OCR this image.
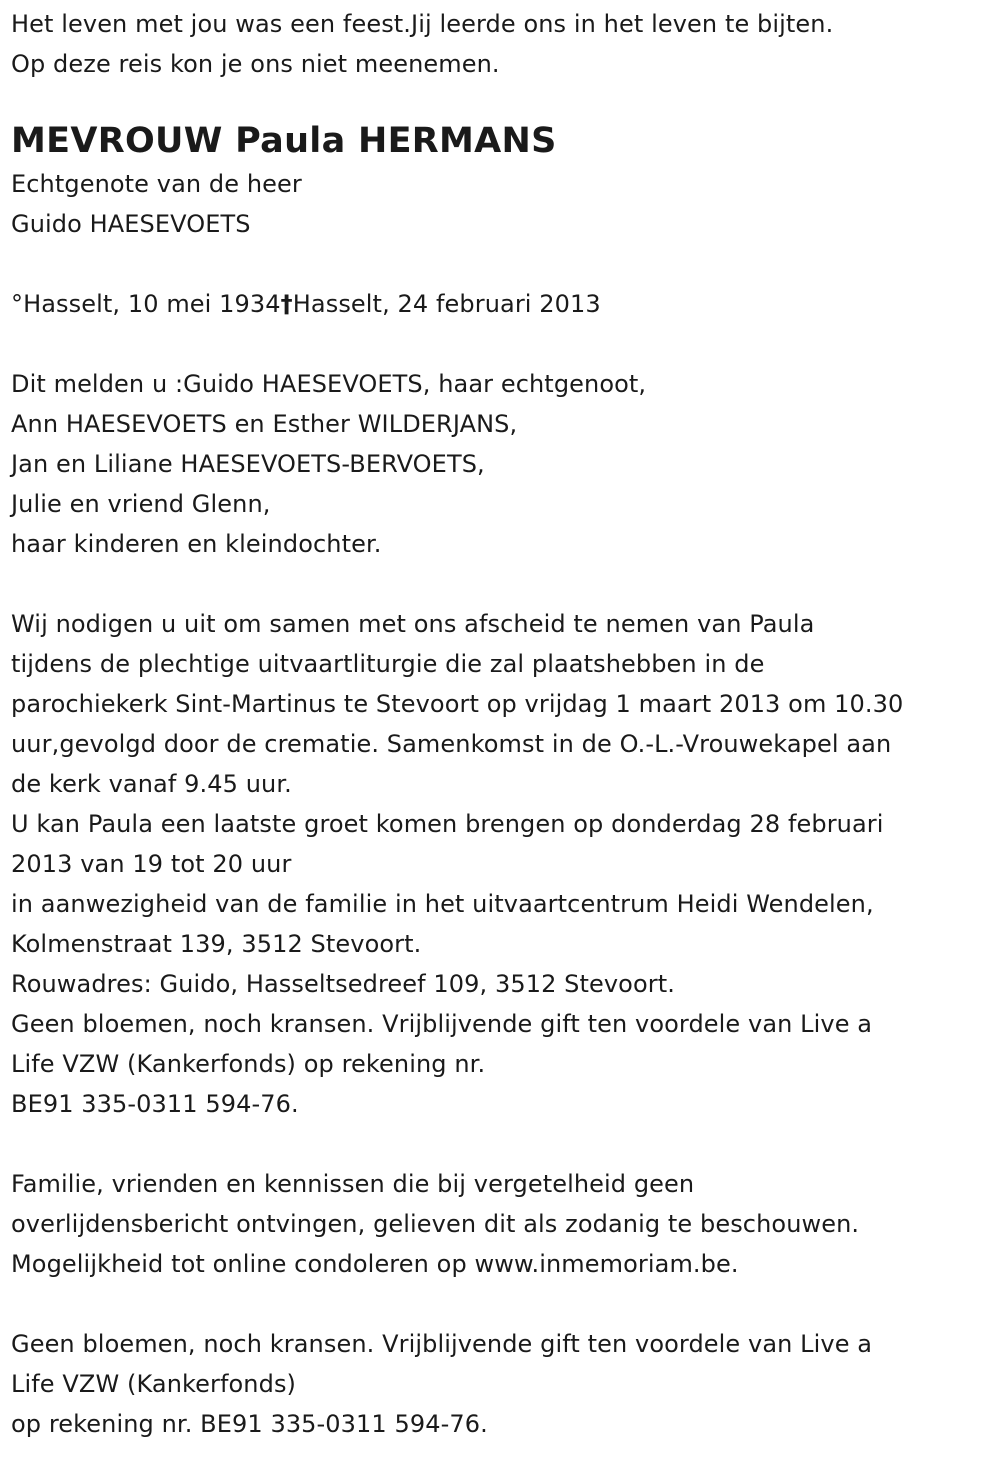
Het leven met jou was een feest.Jij leerde ons in het leven te bijten.
Op deze reis kon je ons niet meenemen.
MEVROUW Paula HERMANS
Echtgenote van de heer
Guido HAESEVOETS
°Hasselt, 10 mei 1934†Hasselt, 24 februari 2013
Dit melden u :Guido HAESEVOETS, haar echtgenoot,
Ann HAESEVOETS en Esther WILDERJANS,
Jan en Liliane HAESEVOETS-BERVOETS,
Julie en vriend Glenn,
haar kinderen en kleindochter.
Wij nodigen u uit om samen met ons afscheid te nemen van Paula
tijdens de plechtige uitvaartliturgie die zal plaatshebben in de
parochiekerk Sint-Martinus te Stevoort op vrijdag 1 maart 2013 om 10.30
uur,gevolgd door de crematie. Samenkomst in de O.-L.-Vrouwekapel aan
de kerk vanaf 9.45 uur.
U kan Paula een laatste groet komen brengen op donderdag 28 februari
2013 van 19 tot 20 uur
in aanwezigheid van de familie in het uitvaartcentrum Heidi Wendelen,
Kolmenstraat 139, 3512 Stevoort.
Rouwadres: Guido, Hasseltsedreef 109, 3512 Stevoort.
Geen bloemen, noch kransen. Vrijblijvende gift ten voordele van Live a
Life VZW (Kankerfonds) op rekening nr.
BE91 335-0311 594-76.
Familie, vrienden en kennissen die bij vergetelheid geen
overlijdensbericht ontvingen, gelieven dit als zodanig te beschouwen.
Mogelijkheid tot online condoleren op www.inmemoriam.be.
Geen bloemen, noch kransen. Vrijblijvende gift ten voordele van Live a
Life VZW (Kankerfonds)
op rekening nr. BE91 335-0311 594-76.
